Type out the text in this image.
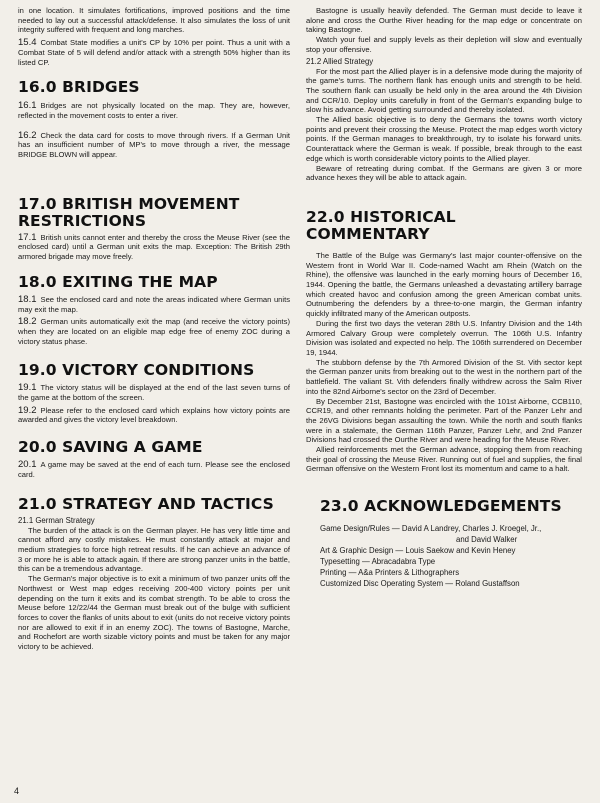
in one location. It simulates fortifications, improved positions and the time needed to lay out a successful attack/defense. It also simulates the loss of unit integrity suffered with frequent and long marches.

15.4 Combat State modifies a unit's CP by 10% per point. Thus a unit with a Combat State of 5 will defend and/or attack with a strength 50% higher than its listed CP.

16.0 BRIDGES

16.1 Bridges are not physically located on the map. They are, however, reflected in the movement costs to enter a river.

16.2 Check the data card for costs to move through rivers. If a German Unit has an insufficient number of MP's to move through a river, the message BRIDGE BLOWN will appear.

17.0 BRITISH MOVEMENT RESTRICTIONS

17.1 British units cannot enter and thereby the cross the Meuse River (see the enclosed card) until a German unit exits the map. Exception: The British 29th armored brigade may move freely.

18.0 EXITING THE MAP

18.1 See the enclosed card and note the areas indicated where German units may exit the map.

18.2 German units automatically exit the map (and receive the victory points) when they are located on an eligible map edge free of enemy ZOC during a victory status phase.

19.0 VICTORY CONDITIONS

19.1 The victory status will be displayed at the end of the last seven turns of the game at the bottom of the screen.

19.2 Please refer to the enclosed card which explains how victory points are awarded and gives the victory level breakdown.

20.0 SAVING A GAME

20.1 A game may be saved at the end of each turn. Please see the enclosed card.

21.0 STRATEGY AND TACTICS
21.1 German Strategy

The burden of the attack is on the German player. He has very little time and cannot afford any costly mistakes. He must constantly attack at major and medium strategies to force high retreat results. If he can achieve an advance of 3 or more he is able to attack again. If there are strong panzer units in the battle, this can be a tremendous advantage.

The German's major objective is to exit a minimum of two panzer units off the Northwest or West map edges receiving 200-400 victory points per unit depending on the turn it exits and its combat strength. To be able to cross the Meuse before 12/22/44 the German must break out of the bulge with sufficient forces to cover the flanks of units about to exit (units do not receive victory points nor are allowed to exit if in an enemy ZOC). The towns of Bastogne, Marche, and Rochefort are worth sizable victory points and must be taken for any major victory to be achieved.

Bastogne is usually heavily defended. The German must decide to leave it alone and cross the Ourthe River heading for the map edge or concentrate on taking Bastogne.

Watch your fuel and supply levels as their depletion will slow and eventually stop your offensive.

21.2 Allied Strategy

For the most part the Allied player is in a defensive mode during the majority of the game's turns. The northern flank has enough units and strength to be held. The southern flank can usually be held only in the area around the 4th Division and CCR/10. Deploy units carefully in front of the German's expanding bulge to slow his advance. Avoid getting surrounded and thereby isolated.

The Allied basic objective is to deny the Germans the towns worth victory points and prevent their crossing the Meuse. Protect the map edges worth victory points. If the German manages to breakthrough, try to isolate his forward units. Counterattack where the German is weak. If possible, break through to the east edge which is worth considerable victory points to the Allied player.

Beware of retreating during combat. If the Germans are given 3 or more advance hexes they will be able to attack again.

22.0 HISTORICAL COMMENTARY

The Battle of the Bulge was Germany's last major counter-offensive on the Western front in World War II. Code-named Wacht am Rhein (Watch on the Rhine), the offensive was launched in the early morning hours of December 16, 1944. Opening the battle, the Germans unleashed a devastating artillery barrage which created havoc and confusion among the green American combat units. Outnumbering the defenders by a three-to-one margin, the German infantry quickly infiltrated many of the American outposts.

During the first two days the veteran 28th U.S. Infantry Division and the 14th Armored Calvary Group were completely overrun. The 106th U.S. Infantry Division was isolated and expected no help. The 106th surrendered on December 19, 1944.

The stubborn defense by the 7th Armored Division of the St. Vith sector kept the German panzer units from breaking out to the west in the northern part of the battlefield. The valiant St. Vith defenders finally withdrew across the Salm River into the 82nd Airborne's sector on the 23rd of December.

By December 21st, Bastogne was encircled with the 101st Airborne, CCB110, CCR19, and other remnants holding the perimeter. Part of the Panzer Lehr and the 26VG Divisions began assaulting the town. While the north and south flanks were in a stalemate, the German 116th Panzer, Panzer Lehr, and 2nd Panzer Divisions had crossed the Ourthe River and were heading for the Meuse River.

Allied reinforcements met the German advance, stopping them from reaching their goal of crossing the Meuse River. Running out of fuel and supplies, the final German offensive on the Western Front lost its momentum and came to a halt.

23.0 ACKNOWLEDGEMENTS

Game Design/Rules — David A Landrey, Charles J. Kroegel, Jr.,

and David Walker

Art & Graphic Design — Louis Saekow and Kevin Heney

Typesetting — Abracadabra Type

Printing — A&a Printers & Lithographers

Customized Disc Operating System — Roland Gustaffson

4
